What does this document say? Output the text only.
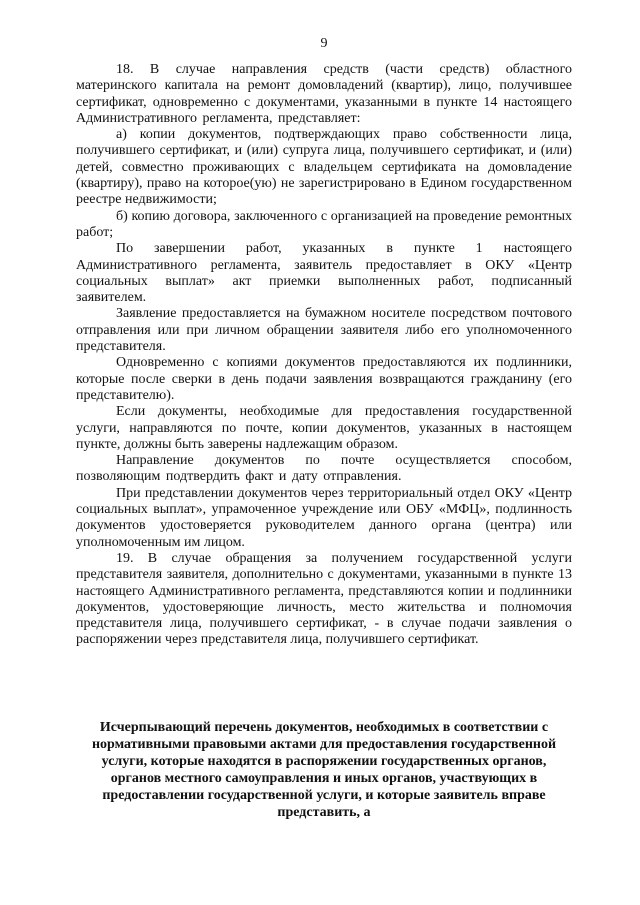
9

18. В случае направления средств (части средств) областного материнского капитала на ремонт домовладений (квартир), лицо, получившее сертификат, одновременно с документами, указанными в пункте 14 настоящего Административного регламента, представляет:

а) копии документов, подтверждающих право собственности лица, получившего сертификат, и (или) супруга лица, получившего сертификат, и (или) детей, совместно проживающих с владельцем сертификата на домовладение (квартиру), право на которое(ую) не зарегистрировано в Едином государственном реестре недвижимости;

б) копию договора, заключенного с организацией на проведение ремонтных работ;

По завершении работ, указанных в пункте 1 настоящего Административного регламента, заявитель предоставляет в ОКУ «Центр социальных выплат» акт приемки выполненных работ, подписанный заявителем.

Заявление предоставляется на бумажном носителе посредством почтового отправления или при личном обращении заявителя либо его уполномоченного представителя.

Одновременно с копиями документов предоставляются их подлинники, которые после сверки в день подачи заявления возвращаются гражданину (его представителю).

Если документы, необходимые для предоставления государственной услуги, направляются по почте, копии документов, указанных в настоящем пункте, должны быть заверены надлежащим образом.

Направление документов по почте осуществляется способом, позволяющим подтвердить факт и дату отправления.

При представлении документов через территориальный отдел ОКУ «Центр социальных выплат», упрамоченное учреждение или ОБУ «МФЦ», подлинность документов удостоверяется руководителем данного органа (центра) или уполномоченным им лицом.

19. В случае обращения за получением государственной услуги представителя заявителя, дополнительно с документами, указанными в пункте 13 настоящего Административного регламента, представляются копии и подлинники документов, удостоверяющие личность, место жительства и полномочия представителя лица, получившего сертификат, - в случае подачи заявления о распоряжении через представителя лица, получившего сертификат.

Исчерпывающий перечень документов, необходимых в соответствии с нормативными правовыми актами для предоставления государственной услуги, которые находятся в распоряжении государственных органов, органов местного самоуправления и иных органов, участвующих в предоставлении государственной услуги, и которые заявитель вправе представить, а
